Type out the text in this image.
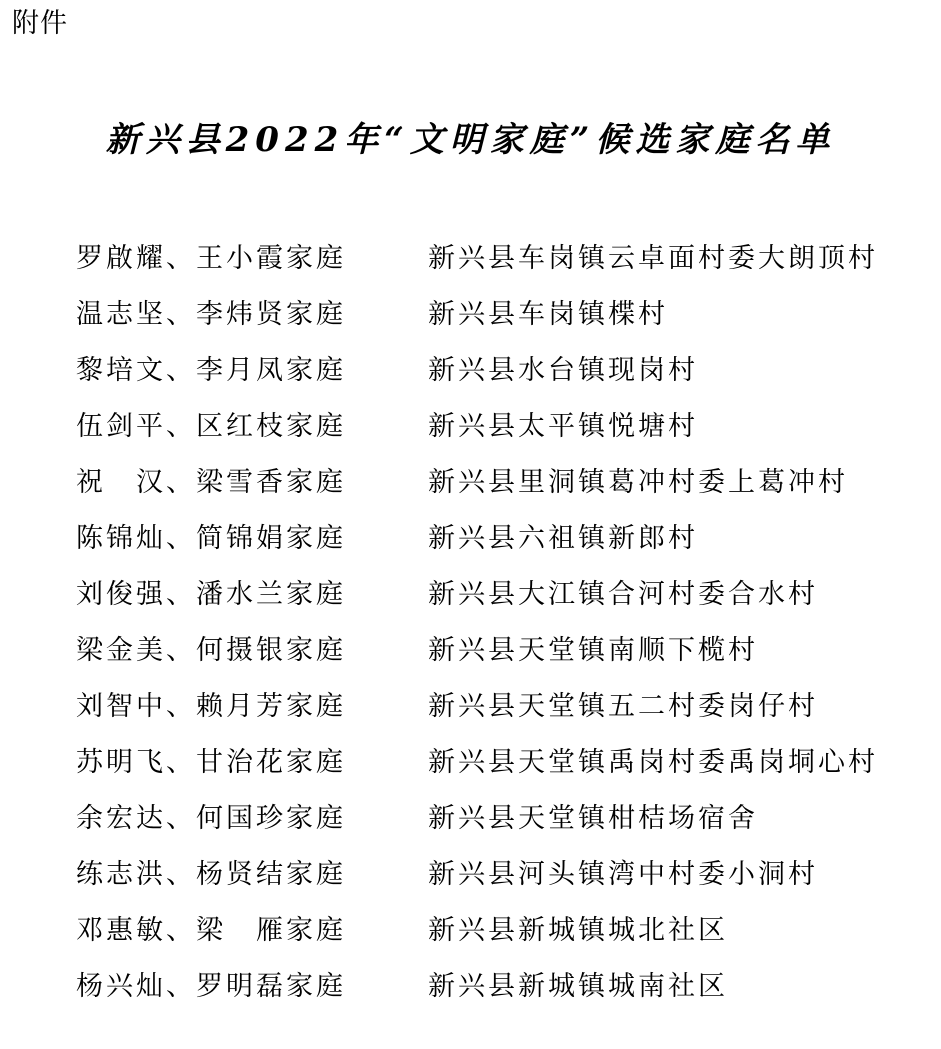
附件
新兴县2022年“文明家庭”候选家庭名单
罗啟耀、王小霞家庭	新兴县车岗镇云卓面村委大朗顶村
温志坚、李炜贤家庭	新兴县车岗镇楪村
黎培文、李月凤家庭	新兴县水台镇现岗村
伍剑平、区红枝家庭	新兴县太平镇悦塘村
祝　汉、梁雪香家庭	新兴县里洞镇葛冲村委上葛冲村
陈锦灿、简锦娟家庭	新兴县六祖镇新郎村
刘俊强、潘水兰家庭	新兴县大江镇合河村委合水村
梁金美、何摄银家庭	新兴县天堂镇南顺下榄村
刘智中、赖月芳家庭	新兴县天堂镇五二村委岗仔村
苏明飞、甘治花家庭	新兴县天堂镇禹岗村委禹岗垌心村
余宏达、何国珍家庭	新兴县天堂镇柑桔场宿舍
练志洪、杨贤结家庭	新兴县河头镇湾中村委小洞村
邓惠敏、梁　雁家庭	新兴县新城镇城北社区
杨兴灿、罗明磊家庭	新兴县新城镇城南社区
